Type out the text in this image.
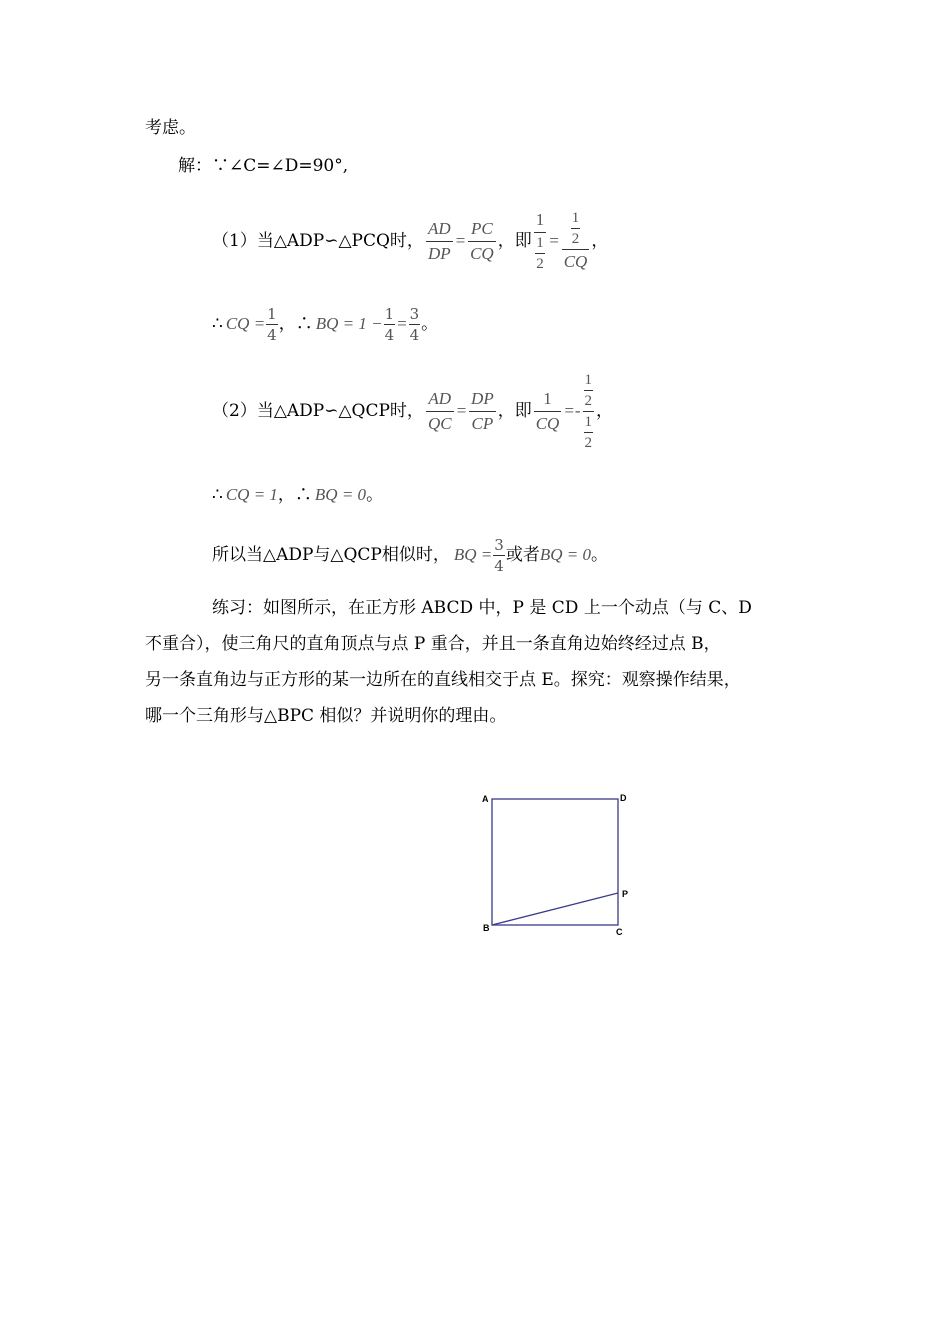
考虑。
解：∵∠C=∠D=90°,
（1）当△ADP∽△PCQ时， $\frac{AD}{DP} = \frac{PC}{CQ}$ ，即 1
1
2 = 1
2
CQ ，
∴ CQ =
1
4
，∴ BQ = 1 −
1
4
=
3
4
。
（2）当△ADP∽△QCP时， $\frac{AD}{QC} = \frac{DP}{CP}$ ，即 $\frac{1}{CQ}$ = - 1
2
1
2 ，
∴ CQ = 1 ，∴ BQ = 0 。
所以当△ADP与△QCP相似时， BQ =
3
4
或者 BQ = 0 。
练习：如图所示，在正方形 ABCD 中，P 是 CD 上一个动点（与 C、D
不重合），使三角尺的直角顶点与点 P 重合，并且一条直角边始终经过点 B，
另一条直角边与正方形的某一边所在的直线相交于点 E。探究：观察操作结果，
哪一个三角形与△BPC 相似？并说明你的理由。
A	D
P
B	C
